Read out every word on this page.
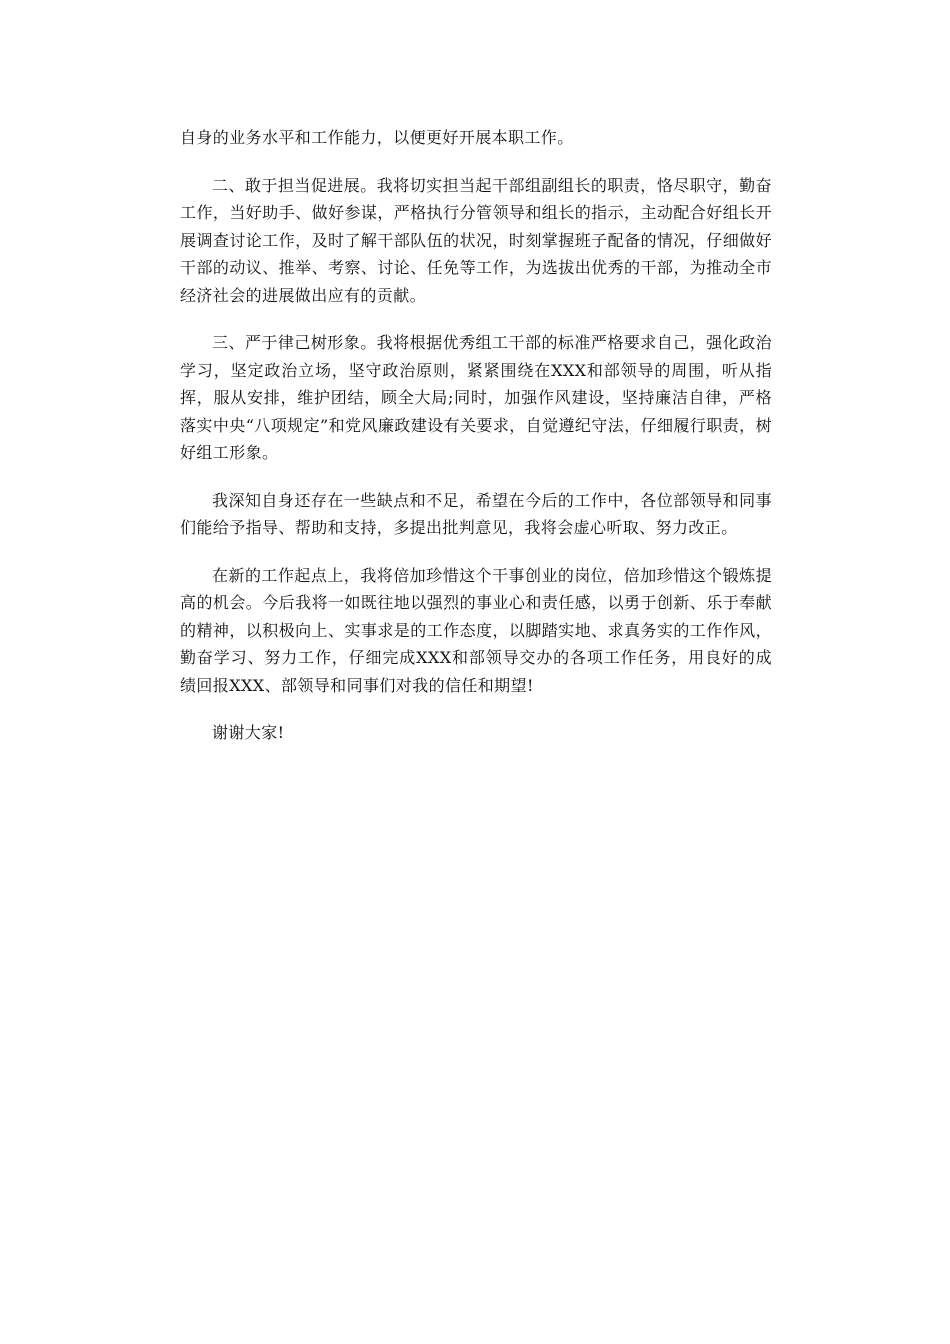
自身的业务水平和工作能力，以便更好开展本职工作。

二、敢于担当促进展。我将切实担当起干部组副组长的职责，恪尽职守，勤奋工作，当好助手、做好参谋，严格执行分管领导和组长的指示，主动配合好组长开展调查讨论工作，及时了解干部队伍的状况，时刻掌握班子配备的情况，仔细做好干部的动议、推举、考察、讨论、任免等工作，为选拔出优秀的干部，为推动全市经济社会的进展做出应有的贡献。

三、严于律己树形象。我将根据优秀组工干部的标准严格要求自己，强化政治学习，坚定政治立场，坚守政治原则，紧紧围绕在XXX和部领导的周围，听从指挥，服从安排，维护团结，顾全大局;同时，加强作风建设，坚持廉洁自律，严格落实中央“八项规定”和党风廉政建设有关要求，自觉遵纪守法，仔细履行职责，树好组工形象。

我深知自身还存在一些缺点和不足，希望在今后的工作中，各位部领导和同事们能给予指导、帮助和支持，多提出批判意见，我将会虚心听取、努力改正。

在新的工作起点上，我将倍加珍惜这个干事创业的岗位，倍加珍惜这个锻炼提高的机会。今后我将一如既往地以强烈的事业心和责任感，以勇于创新、乐于奉献的精神，以积极向上、实事求是的工作态度，以脚踏实地、求真务实的工作作风，勤奋学习、努力工作，仔细完成XXX和部领导交办的各项工作任务，用良好的成绩回报XXX、部领导和同事们对我的信任和期望!

谢谢大家!
